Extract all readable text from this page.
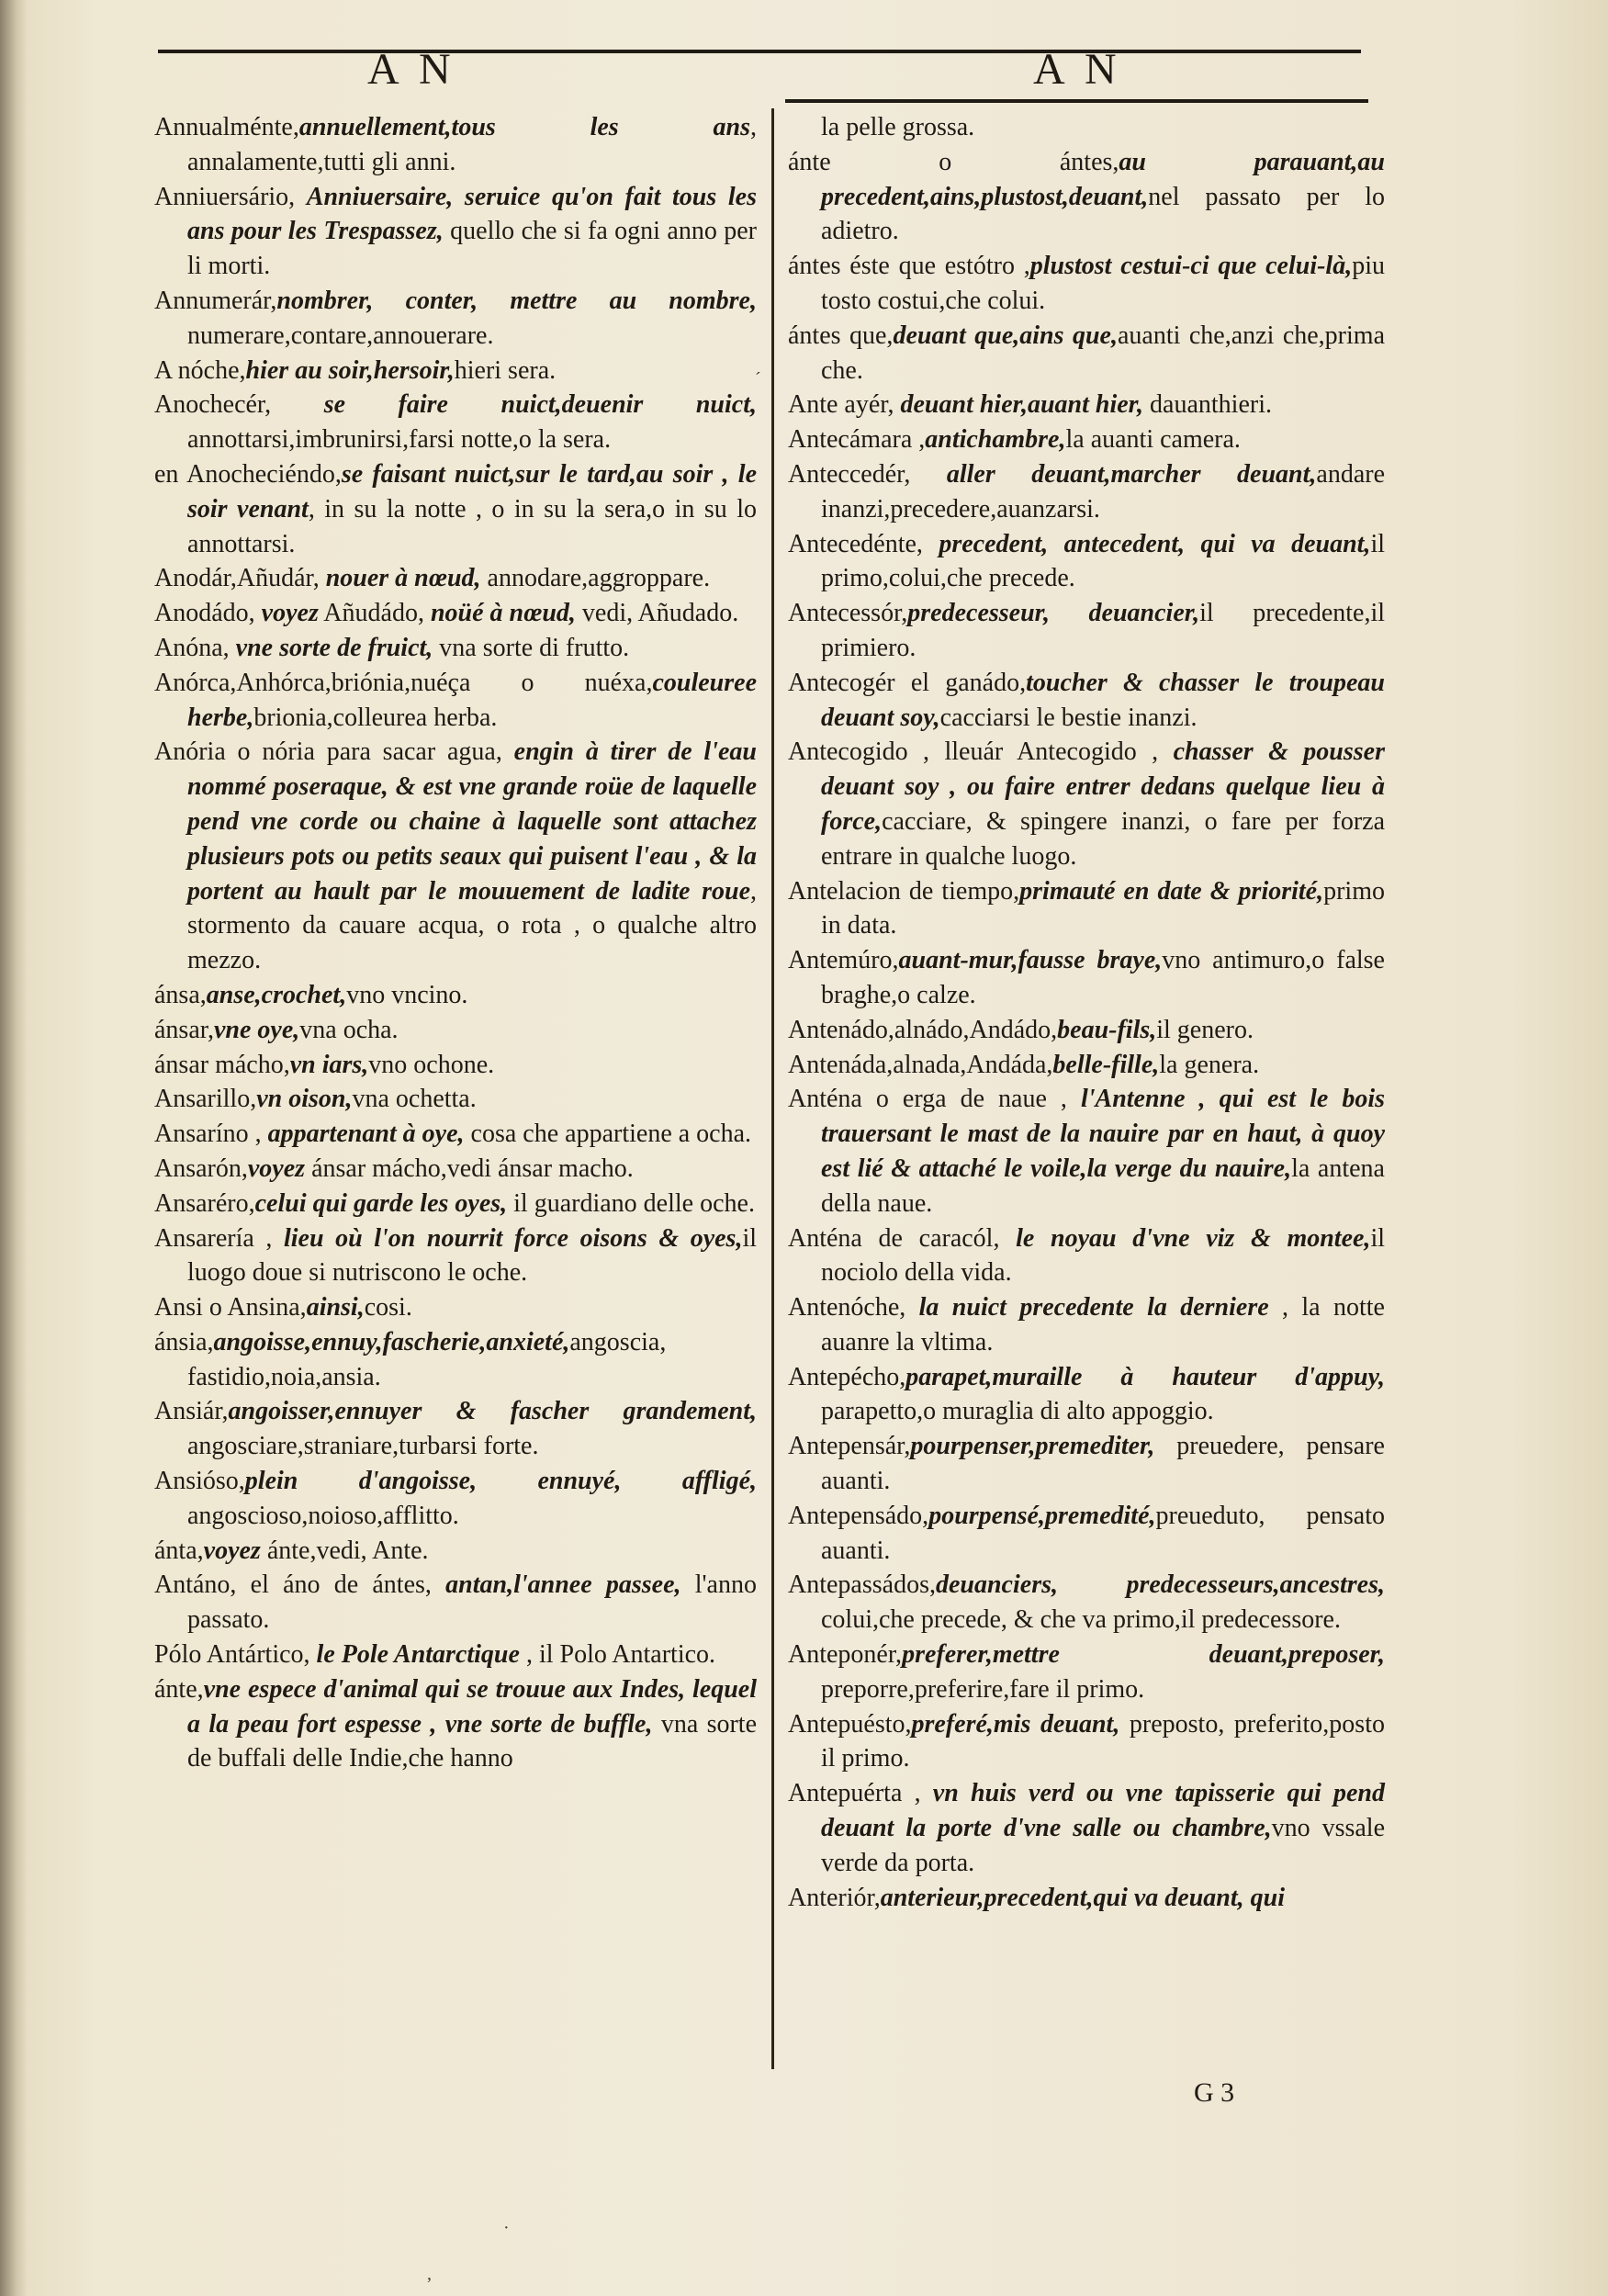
A N	A N

Annualménte,annuellement,tous les ans, annalamente,tutti gli anni.

Anniuersário, Anniuersaire, seruice qu'on fait tous les ans pour les Trespassez, quello che si fa ogni anno per li morti.

Annumerár,nombrer, conter, mettre au nombre, numerare,contare,annouerare.

A nóche,hier au soir,hersoir,hieri sera.

Anochecér, se faire nuict,deuenir nuict, annottarsi,imbrunirsi,farsi notte,o la sera.

en Anocheciéndo,se faisant nuict,sur le tard,au soir , le soir venant, in su la notte , o in su la sera,o in su lo annottarsi.

Anodár,Añudár, nouer à nœud, annodare,aggroppare.

Anodádo, voyez Añudádo, noüé à nœud, vedi, Añudado.

Anóna, vne sorte de fruict, vna sorte di frutto.

Anórca,Anhórca,briónia,nuéça o nuéxa,couleuree herbe,brionia,colleurea herba.

Anória o nória para sacar agua, engin à tirer de l'eau nommé poseraque, & est vne grande roüe de laquelle pend vne corde ou chaine à laquelle sont attachez plusieurs pots ou petits seaux qui puisent l'eau , & la portent au hault par le mouuement de ladite roue, stormento da cauare acqua, o rota , o qualche altro mezzo.

ánsa,anse,crochet,vno vncino.

ánsar,vne oye,vna ocha.

ánsar mácho,vn iars,vno ochone.

Ansarillo,vn oison,vna ochetta.

Ansaríno , appartenant à oye, cosa che appartiene a ocha.

Ansarón,voyez ánsar mácho,vedi ánsar macho.

Ansaréro,celui qui garde les oyes, il guardiano delle oche.

Ansarería , lieu où l'on nourrit force oisons & oyes,il luogo doue si nutriscono le oche.

Ansi o Ansina,ainsi,cosi.

ánsia,angoisse,ennuy,fascherie,anxieté,angoscia, fastidio,noia,ansia.

Ansiár,angoisser,ennuyer & fascher grandement, angosciare,straniare,turbarsi forte.

Ansióso,plein d'angoisse, ennuyé, affligé, angoscioso,noioso,afflitto.

ánta,voyez ánte,vedi, Ante.

Antáno, el áno de ántes, antan,l'annee passee, l'anno passato.

Pólo Antártico, le Pole Antarctique , il Polo Antartico.

ánte,vne espece d'animal qui se trouue aux Indes, lequel a la peau fort espesse , vne sorte de buffle, vna sorte de buffali delle Indie,che hanno

la pelle grossa.

ánte o ántes,au parauant,au precedent,ains,plustost,deuant,nel passato per lo adietro.

ántes éste que estótro ,plustost cestui-ci que celui-là,piu tosto costui,che colui.

ántes que,deuant que,ains que,auanti che,anzi che,prima che.

Ante ayér, deuant hier,auant hier, dauanthieri.

Antecámara ,antichambre,la auanti camera.

Anteccedér, aller deuant,marcher deuant,andare inanzi,precedere,auanzarsi.

Antecedénte, precedent, antecedent, qui va deuant,il primo,colui,che precede.

Antecessór,predecesseur, deuancier,il precedente,il primiero.

Antecogér el ganádo,toucher & chasser le troupeau deuant soy,cacciarsi le bestie inanzi.

Antecogido , lleuár Antecogido , chasser & pousser deuant soy , ou faire entrer dedans quelque lieu à force,cacciare, & spingere inanzi, o fare per forza entrare in qualche luogo.

Antelacion de tiempo,primauté en date & priorité,primo in data.

Antemúro,auant-mur,fausse braye,vno antimuro,o false braghe,o calze.

Antenádo,alnádo,Andádo,beau-fils,il genero.

Antenáda,alnada,Andáda,belle-fille,la genera.

Anténa o erga de naue , l'Antenne , qui est le bois trauersant le mast de la nauire par en haut, à quoy est lié & attaché le voile,la verge du nauire,la antena della naue.

Anténa de caracól, le noyau d'vne viz & montee,il nociolo della vida.

Antenóche, la nuict precedente la derniere , la notte auanre la vltima.

Antepécho,parapet,muraille à hauteur d'appuy, parapetto,o muraglia di alto appoggio.

Antepensár,pourpenser,premediter, preuedere, pensare auanti.

Antepensádo,pourpensé,premedité,preueduto, pensato auanti.

Antepassádos,deuanciers, predecesseurs,ancestres, colui,che precede, & che va primo,il predecessore.

Anteponér,preferer,mettre deuant,preposer, preporre,preferire,fare il primo.

Antepuésto,preferé,mis deuant, preposto, preferito,posto il primo.

Antepuérta , vn huis verd ou vne tapisserie qui pend deuant la porte d'vne salle ou chambre,vno vssale verde da porta.

Anteriór,anterieur,precedent,qui va deuant, qui

G 3
´
,
·
